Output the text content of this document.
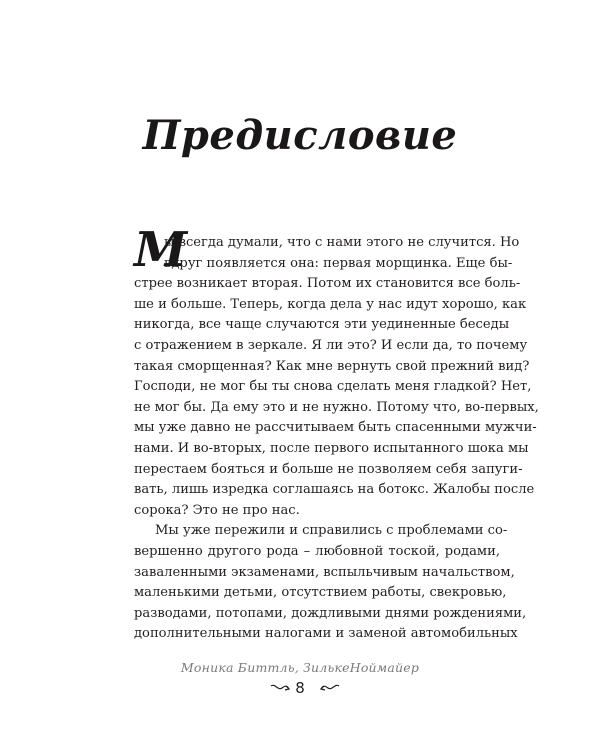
Предисловие
М
ы всегда думали, что с нами этого не случится. Но
вдруг появляется она: первая морщинка. Еще бы-
стрее возникает вторая. Потом их становится все боль-
ше и больше. Теперь, когда дела у нас идут хорошо, как
никогда, все чаще случаются эти уединенные беседы
с отражением в зеркале. Я ли это? И если да, то почему
такая сморщенная? Как мне вернуть свой прежний вид?
Господи, не мог бы ты снова сделать меня гладкой? Нет,
не мог бы. Да ему это и не нужно. Потому что, во-первых,
мы уже давно не рассчитываем быть спасенными мужчи-
нами. И во-вторых, после первого испытанного шока мы
перестаем бояться и больше не позволяем себя запуги-
вать, лишь изредка соглашаясь на ботокс. Жалобы после
сорока? Это не про нас.
Мы уже пережили и справились с проблемами со-
вершенно другого рода – любовной тоской, родами,
заваленными экзаменами, вспыльчивым начальством,
маленькими детьми, отсутствием работы, свекровью,
разводами, потопами, дождливыми днями рождениями,
дополнительными налогами и заменой автомобильных
Моника Биттль, ЗилькеНоймайер
8
